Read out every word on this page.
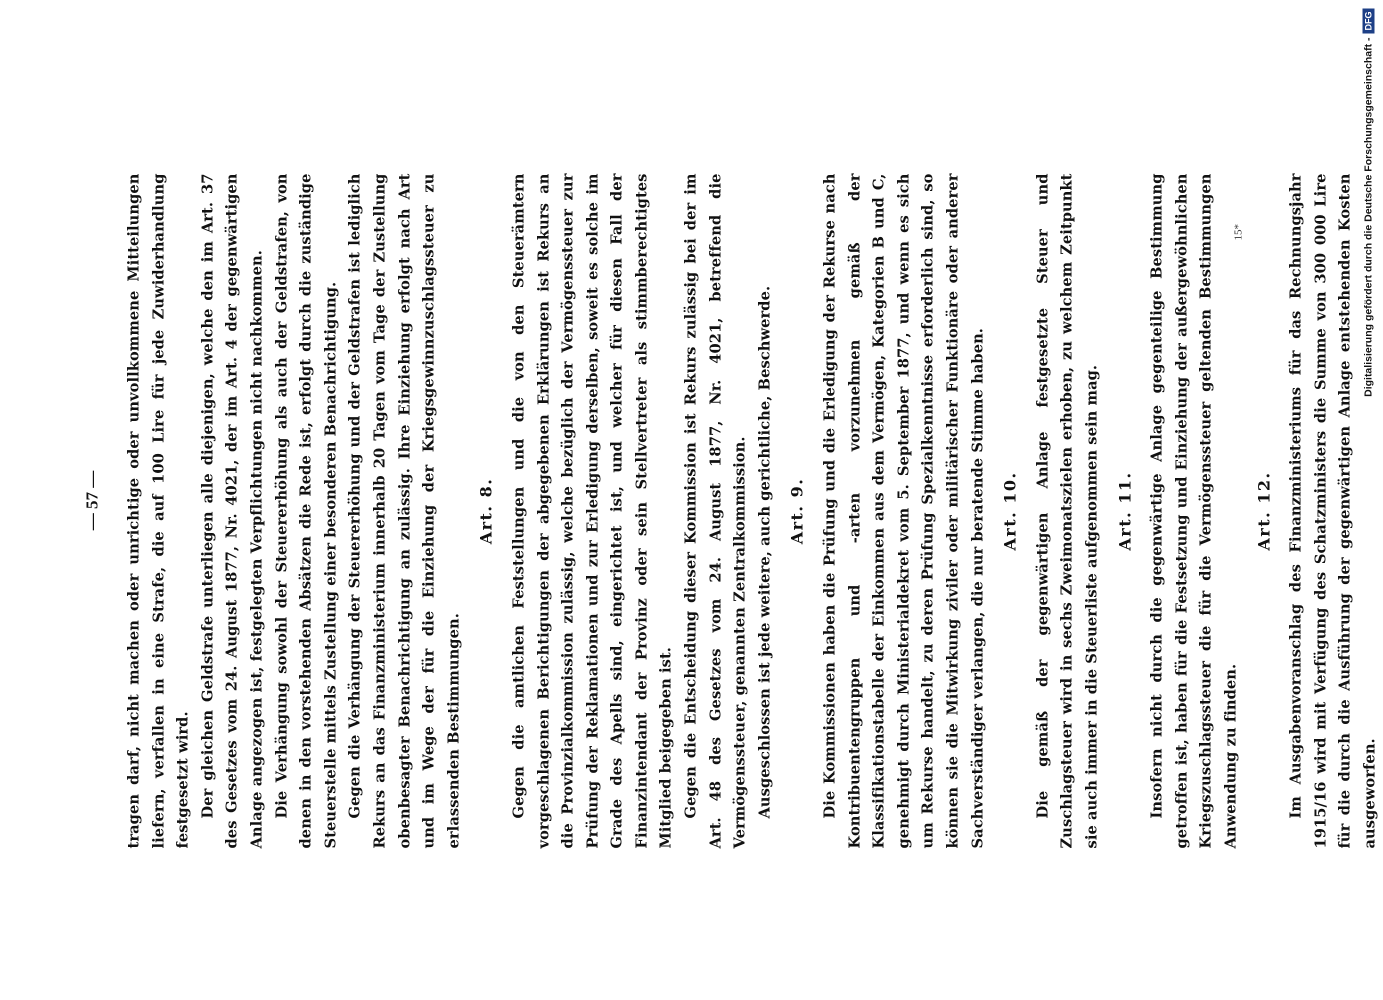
— 57 — tragen darf, nicht machen oder unrichtige oder unvollkommene Mitteilungen liefern, verfallen in eine Strafe, die auf 100 Lire für jede Zuwiderhandlung festgesetzt wird. Der gleichen Geldstrafe unterliegen alle diejenigen, welche den im Art. 37 des Gesetzes vom 24. August 1877, Nr. 4021, der im Art. 4 der gegenwärtigen Anlage angezogen ist, festgelegten Verpflichtungen nicht nachkommen. Die Verhängung sowohl der Steuererhöhung als auch der Geldstrafen, von denen in den vorstehenden Absätzen die Rede ist, erfolgt durch die zuständige Steuerstelle mittels Zustellung einer besonderen Benachrichtigung. Gegen die Verhängung der Steuererhöhung und der Geldstrafen ist lediglich Rekurs an das Finanzministerium innerhalb 20 Tagen vom Tage der Zustellung obenbesagter Benachrichtigung an zulässig. Ihre Einziehung erfolgt nach Art und im Wege der für die Einziehung der Kriegsgewinnzuschlagssteuer zu erlassenden Bestimmungen.

Art. 8. Gegen die amtlichen Feststellungen und die von den Steuerämtern vorgeschlagenen Berichtigungen der abgegebenen Erklärungen ist Rekurs an die Provinzialkommission zulässig, welche bezüglich der Vermögenssteuer zur Prüfung der Reklamationen und zur Erledigung derselben, soweit es solche im Grade des Apells sind, eingerichtet ist, und welcher für diesen Fall der Finanzintendant der Provinz oder sein Stellvertreter als stimmberechtigtes Mitglied beigegeben ist. Gegen die Entscheidung dieser Kommission ist Rekurs zulässig bei der im Art. 48 des Gesetzes vom 24. August 1877, Nr. 4021, betreffend die Vermögenssteuer, genannten Zentralkommission. Ausgeschlossen ist jede weitere, auch gerichtliche, Beschwerde. Art. 9. Die Kommissionen haben die Prüfung und die Erledigung der Rekurse nach Kontribuentengruppen und -arten vorzunehmen gemäß der Klassifikationstabelle der Einkommen aus dem Vermögen, Kategorien B und C, genehmigt durch Ministerialdekret vom 5. September 1877, und wenn es sich um Rekurse handelt, zu deren Prüfung Spezialkenntnisse erforderlich sind, so können sie die Mitwirkung ziviler oder militärischer Funktionäre oder anderer Sachverständiger verlangen, die nur beratende Stimme haben. Art. 10. Die gemäß der gegenwärtigen Anlage festgesetzte Steuer und Zuschlagsteuer wird in sechs Zweimonatszielen erhoben, zu welchem Zeitpunkt sie auch immer in die Steuerliste aufgenommen sein mag. Art. 11. Insofern nicht durch die gegenwärtige Anlage gegenteilige Bestimmung getroffen ist, haben für die Festsetzung und Einziehung der außergewöhnlichen Kriegszuschlagssteuer die für die Vermögenssteuer geltenden Bestimmungen Anwendung zu finden.

Art. 12. Im Ausgabenvoranschlag des Finanzministeriums für das Rechnungsjahr 1915/16 wird mit Verfügung des Schatzministers die Summe von 300 000 Lire für die durch die Ausführung der gegenwärtigen Anlage entstehenden Kosten ausgeworfen.

15*	Digitalisierung gefördert durch die Deutsche Forschungsgemeinschaft -
DFG
